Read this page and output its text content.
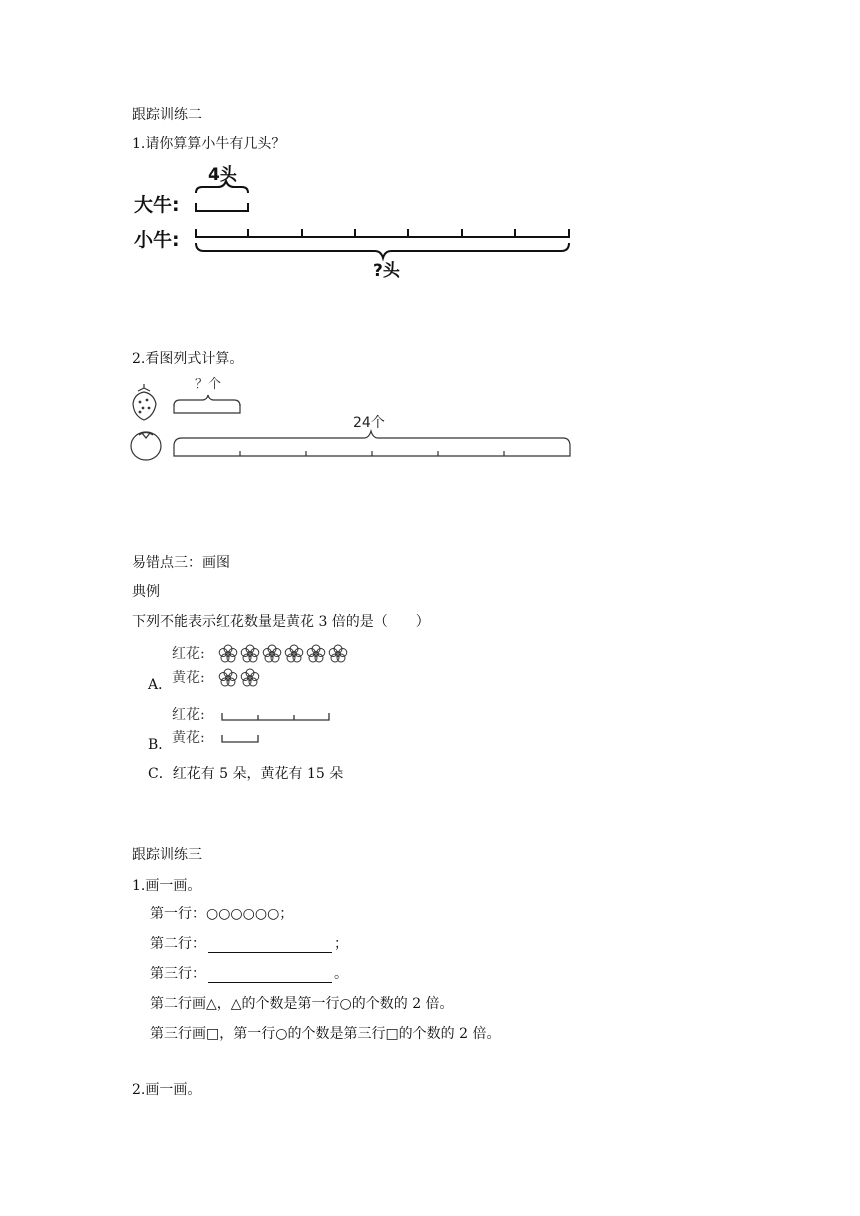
跟踪训练二
1.请你算算小牛有几头？
大牛:
小牛:
4头
?头
2.看图列式计算。
？个
24个
易错点三：画图
典例
下列不能表示红花数量是黄花 3 倍的是（　　）
A．
红花:
黄花:
B．
红花:
黄花:
C．红花有 5 朵，黄花有 15 朵
跟踪训练三
1.画一画。
第一行：○○○○○○；
第二行：	；
第三行：	。
第二行画△，△的个数是第一行○的个数的 2 倍。
第三行画□，第一行○的个数是第三行□的个数的 2 倍。
2.画一画。
